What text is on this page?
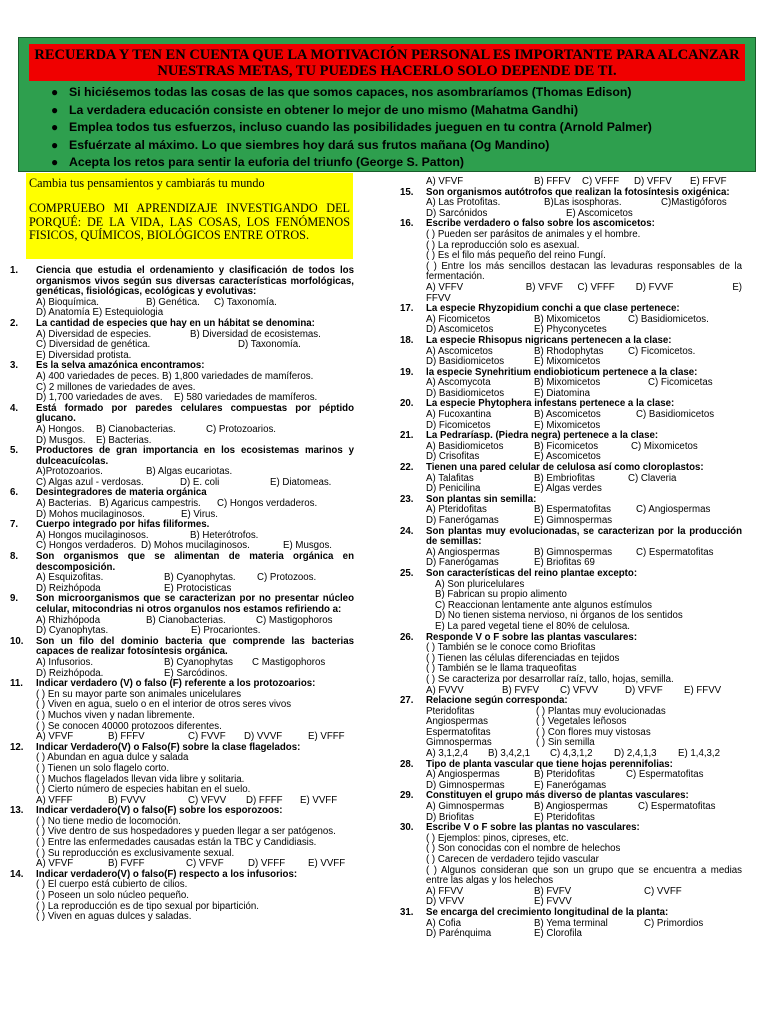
RECUERDA Y TEN EN CUENTA QUE LA MOTIVACIÓN PERSONAL ES IMPORTANTE PARA ALCANZAR NUESTRAS METAS, TU PUEDES HACERLO SOLO DEPENDE DE TI.
● Si hiciésemos todas las cosas de las que somos capaces, nos asombraríamos (Thomas Edison)
● La verdadera educación consiste en obtener lo mejor de uno mismo (Mahatma Gandhi)
● Emplea todos tus esfuerzos, incluso cuando las posibilidades jueguen en tu contra (Arnold Palmer)
● Esfuérzate al máximo. Lo que siembres hoy dará sus frutos mañana (Og Mandino)
● Acepta los retos para sentir la euforia del triunfo (George S. Patton)
Cambia tus pensamientos y cambiarás tu mundo
COMPRUEBO MI APRENDIZAJE INVESTIGANDO DEL PORQUÉ: DE LA VIDA, LAS COSAS, LOS FENÓMENOS FISICOS, QUÍMICOS, BIOLÓGICOS ENTRE OTROS.
1. Ciencia que estudia el ordenamiento y clasificación de todos los organismos vivos según sus diversas características morfológicas, genéticas, fisiológicas, ecológicas y evolutivas:
A) Bioquímica.	B) Genética.	C) Taxonomía.
D) Anatomía E) Estequiologia
2. La cantidad de especies que hay en un hábitat se denomina:
A) Diversidad de especies.	B) Diversidad de ecosistemas.
C) Diversidad de genética.	D) Taxonomía.
E) Diversidad protista.
3. Es la selva amazónica encontramos:
A) 400 variedades de peces. B) 1,800 variedades de mamíferos.
C) 2 millones de variedades de aves.
D) 1,700 variedades de aves.	E) 580 variedades de mamíferos.
4. Está formado por paredes celulares compuestas por péptido glucano.
A) Hongos.	B) Cianobacterias.	C) Protozoarios.
D) Musgos.	E) Bacterias.
5. Productores de gran importancia en los ecosistemas marinos y dulceacuícolas.
A)Protozoarios.	B) Algas eucariotas.
C) Algas azul - verdosas.	D) E. coli	E) Diatomeas.
6. Desintegradores de materia orgánica
A) Bacterias. B) Agaricus campestris.	C) Hongos verdaderos.
D) Mohos mucilaginosos.	E) Virus.
7. Cuerpo integrado por hifas filiformes.
A) Hongos mucilaginosos.	B) Heterótrofos.
C) Hongos verdaderos. D) Mohos mucilaginosos.	E) Musgos.
8. Son organismos que se alimentan de materia orgánica en descomposición.
A) Esquizofitas.	B) Cyanophytas.	C) Protozoos.
D) Reizhópoda	E) Protocisticas
9. Son microorganismos que se caracterizan por no presentar núcleo celular, mitocondrias ni otros organulos nos estamos refiriendo a:
A) Rhizhópoda	B) Cianobacterias.	C) Mastigophoros
D) Cyanophytas.	E) Procariontes.
10. Son un filo del dominio bacteria que comprende las bacterias capaces de realizar fotosíntesis orgánica.
A) Infusorios.	B) Cyanophytas	C Mastigophoros
D) Reizhópoda.	E) Sarcódinos.
11. Indicar verdadero (V) o falso (F) referente a los protozoarios:
( ) En su mayor parte son animales unicelulares
( ) Viven en agua, suelo o en el interior de otros seres vivos
( ) Muchos viven y nadan libremente.
( ) Se conocen 40000 protozoos diferentes.
A) VFVF	B) FFFV	C) FVVF	D) VVVF	E) VFFF
12. Indicar Verdadero(V) o Falso(F) sobre la clase flagelados:
( ) Abundan en agua dulce y salada
( ) Tienen un solo flagelo corto.
( ) Muchos flagelados llevan vida libre y solitaria.
( ) Cierto número de especies habitan en el suelo.
A) VFFF	B) FVVV	C) VFVV	D) FFFF	E) VVFF
13. Indicar verdadero(V) o falso(F) sobre los esporozoos:
( ) No tiene medio de locomoción.
( ) Vive dentro de sus hospedadores y pueden llegar a ser patógenos.
( ) Entre las enfermedades causadas están la TBC y Candidiasis.
( ) Su reproducción es exclusivamente sexual.
A) VFVF	B) FVFF	C) VFVF	D) VFFF	E) VVFF
14. Indicar verdadero(V) o falso(F) respecto a los infusorios:
( ) El cuerpo está cubierto de cilios.
( ) Poseen un solo núcleo pequeño.
( ) La reproducción es de tipo sexual por bipartición.
( ) Viven en aguas dulces y saladas.
A) VFVF	B) FFFV	C) VFFF	D) VFFV	E) FFVF
15. Son organismos autótrofos que realizan la fotosíntesis oxigénica:
A) Las Protofitas.	B)Las isosphoras.	C)Mastigóforos
D) Sarcónidos	E) Ascomicetos
16. Escribe verdadero o falso sobre los ascomicetos:
( ) Pueden ser parásitos de animales y el hombre.
( ) La reproducción solo es asexual.
( ) Es el filo más pequeño del reino Fungí.
( ) Entre los más sencillos destacan las levaduras responsables de la fermentación.
A) VFFV	B) VFVF	C) VFFF	D) FVVF	E)
FFVV
17. La especie Rhyzopidium conchi a que clase pertenece:
A) Ficomicetos	B) Mixomicetos	C) Basidiomicetos.
D) Ascomicetos	E) Phyconycetes
18. La especie Rhisopus nigricans pertenecen a la clase:
A) Ascomicetos	B) Rhodophytas	C) Ficomicetos.
D) Basidiomicetos	E) Mixomicetos
19. la especie Synehritium endiobioticum pertenece a la clase:
A) Ascomycota	B) Mixomicetos	C) Ficomicetas
D) Basidiomicetos	E) Diatomina
20. La especie Phytophera infestans pertenece a la clase:
A) Fucoxantina	B) Ascomicetos	C) Basidiomicetos
D) Ficomicetos	E) Mixomicetos
21. La Pedraríasp. (Piedra negra) pertenece a la clase:
A) Basidiomicetos	B) Ficomicetos	C) Mixomicetos
D) Crisofitas	E) Ascomicetos
22. Tienen una pared celular de celulosa así como cloroplastos:
A) Talafitas	B) Embriofitas	C) Claveria
D) Penicilina	E) Algas verdes
23. Son plantas sin semilla:
A) Pteridofitas	B) Espermatofitas	C) Angiospermas
D) Fanerógamas	E) Gimnospermas
24. Son plantas muy evolucionadas, se caracterizan por la producción de semillas:
A) Angiospermas	B) Gimnospermas	C) Espermatofitas
D) Fanerógamas	E) Briofitas 69
25. Son características del reino plantae excepto:
A) Son pluricelulares
B) Fabrican su propio alimento
C) Reaccionan lentamente ante algunos estímulos
D) No tienen sistema nervioso, ni órganos de los sentidos
E) La pared vegetal tiene el 80% de celulosa.
26. Responde V o F sobre las plantas vasculares:
( ) También se le conoce como Briofitas
( ) Tienen las células diferenciadas en tejidos
( ) También se le llama traqueofitas
( ) Se caracteriza por desarrollar raíz, tallo, hojas, semilla.
A) FVVV	B) FVFV	C) VFVV	D) VFVF	E) FFVV
27. Relacione según corresponda:
Pteridofitas	( ) Plantas muy evolucionadas
Angiospermas	( ) Vegetales leñosos
Espermatofitas	( ) Con flores muy vistosas
Gimnospermas	( ) Sin semilla
A) 3,1,2,4	B) 3,4,2,1	C) 4,3,1,2	D) 2,4,1,3	E) 1,4,3,2
28. Tipo de planta vascular que tiene hojas perennifolias:
A) Angiospermas	B) Pteridofitas	C) Espermatofitas
D) Gimnospermas	E) Fanerógamas
29. Constituyen el grupo más diverso de plantas vasculares:
A) Gimnospermas	B) Angiospermas	C) Espermatofitas
D) Briofitas	E) Pteridofitas
30. Escribe V o F sobre las plantas no vasculares:
( ) Ejemplos: pinos, cipreses, etc.
( ) Son conocidas con el nombre de helechos
( ) Carecen de verdadero tejido vascular
( ) Algunos consideran que son un grupo que se encuentra a medias entre las algas y los helechos
A) FFVV	B) FVFV	C) VVFF
D) VFVV	E) FVVV
31. Se encarga del crecimiento longitudinal de la planta:
A) Cofia	B) Yema terminal	C) Primordios
D) Parénquima	E) Clorofila
